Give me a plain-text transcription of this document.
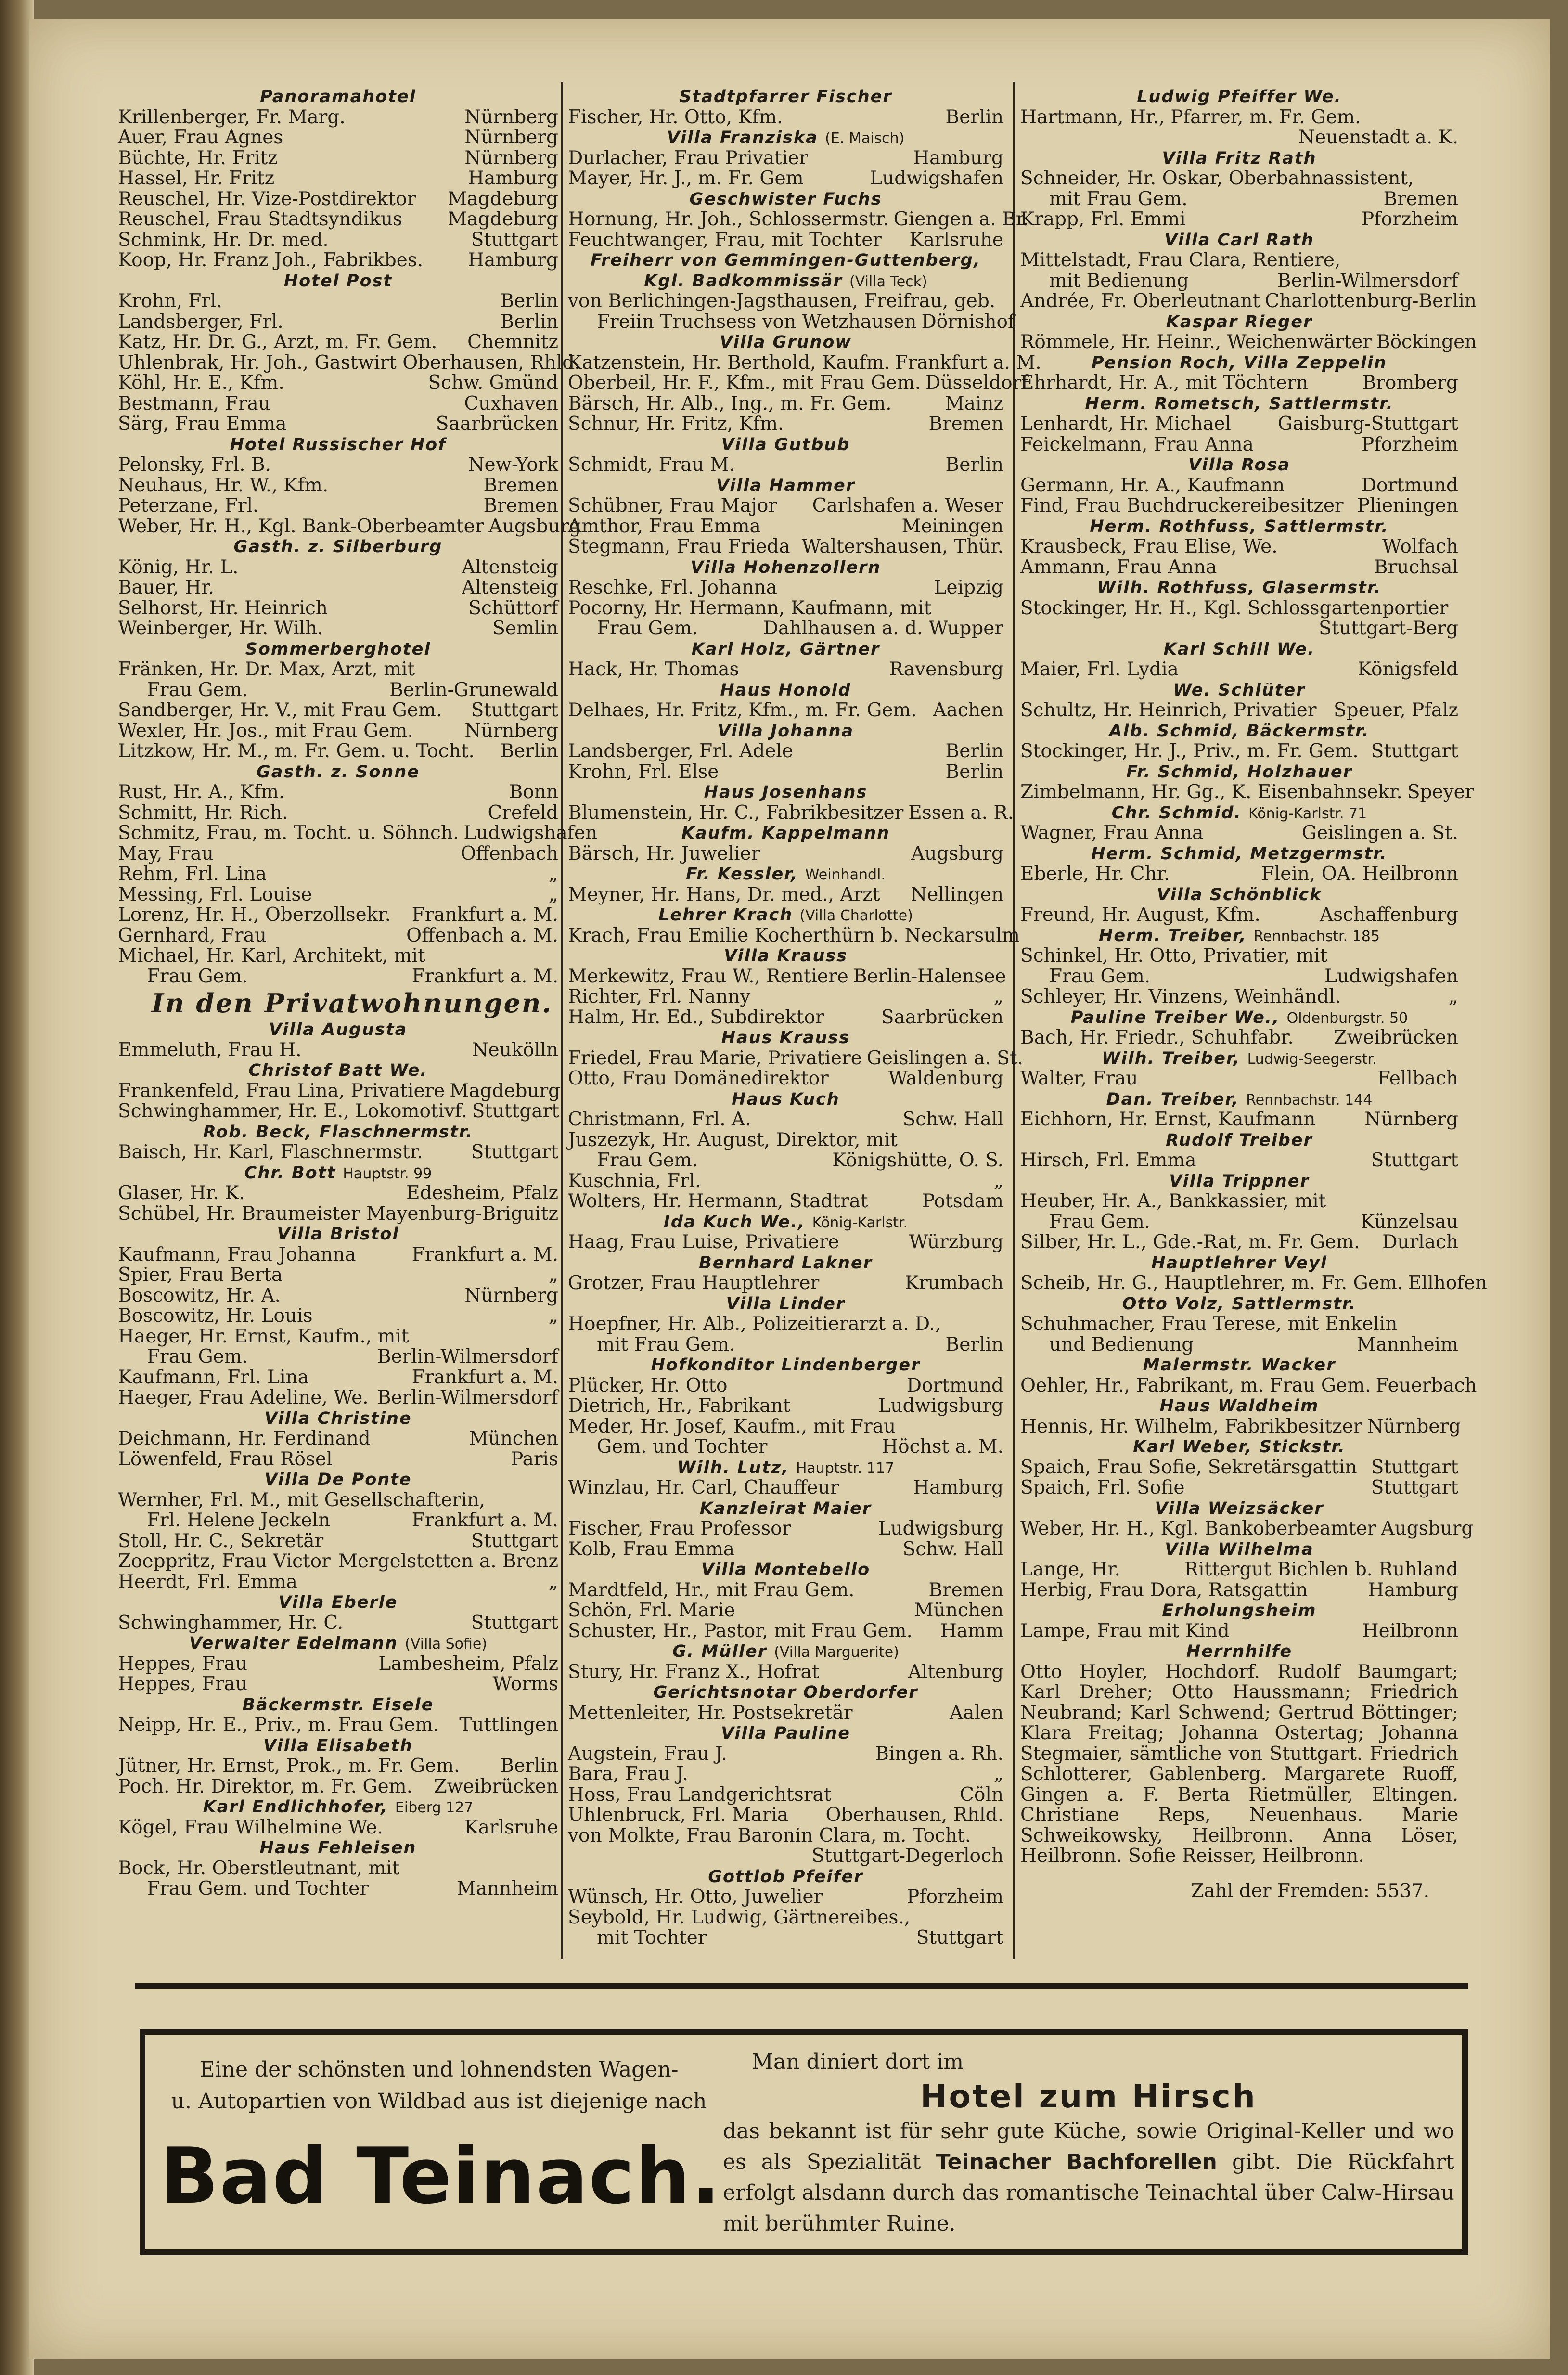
Panoramahotel
Krillenberger, Fr. Marg.	Nürnberg
Auer, Frau Agnes	Nürnberg
Büchte, Hr. Fritz	Nürnberg
Hassel, Hr. Fritz	Hamburg
Reuschel, Hr. Vize-Postdirektor Magdeburg
Reuschel, Frau Stadtsyndikus Magdeburg
Schmink, Hr. Dr. med.	Stuttgart
Koop, Hr. Franz Joh., Fabrikbes. Hamburg
Hotel Post
Krohn, Frl.	Berlin
Landsberger, Frl.	Berlin
Katz, Hr. Dr. G., Arzt, m. Fr. Gem. Chemnitz
Uhlenbrak, Hr. Joh., Gastwirt Oberhausen, Rhld.
Köhl, Hr. E., Kfm.	Schw. Gmünd
Bestmann, Frau	Cuxhaven
Särg, Frau Emma	Saarbrücken
Hotel Russischer Hof
Pelonsky, Frl. B.	New-York
Neuhaus, Hr. W., Kfm.	Bremen
Peterzane, Frl.	Bremen
Weber, Hr. H., Kgl. Bank-Oberbeamter Augsburg
Gasth. z. Silberburg
König, Hr. L.	Altensteig
Bauer, Hr.	Altensteig
Selhorst, Hr. Heinrich	Schüttorf
Weinberger, Hr. Wilh.	Semlin
Sommerberghotel
Fränken, Hr. Dr. Max, Arzt, mit
Frau Gem.	Berlin-Grunewald
Sandberger, Hr. V., mit Frau Gem. Stuttgart
Wexler, Hr. Jos., mit Frau Gem.	Nürnberg
Litzkow, Hr. M., m. Fr. Gem. u. Tocht. Berlin
Gasth. z. Sonne
Rust, Hr. A., Kfm.	Bonn
Schmitt, Hr. Rich.	Crefeld
Schmitz, Frau, m. Tocht. u. Söhnch. Ludwigshafen
May, Frau	Offenbach
Rehm, Frl. Lina	„
Messing, Frl. Louise	„
Lorenz, Hr. H., Oberzollsekr. Frankfurt a. M.
Gernhard, Frau	Offenbach a. M.
Michael, Hr. Karl, Architekt, mit
Frau Gem.	Frankfurt a. M.
In den Privatwohnungen.
Villa Augusta
Emmeluth, Frau H.	Neukölln
Christof Batt We.
Frankenfeld, Frau Lina, Privatiere Magdeburg
Schwinghammer, Hr. E., Lokomotivf. Stuttgart
Rob. Beck, Flaschnermstr.
Baisch, Hr. Karl, Flaschnermstr.	Stuttgart
Chr. Bott Hauptstr. 99
Glaser, Hr. K.	Edesheim, Pfalz
Schübel, Hr. Braumeister Mayenburg-Briguitz
Villa Bristol
Kaufmann, Frau Johanna	Frankfurt a. M.
Spier, Frau Berta	„
Boscowitz, Hr. A.	Nürnberg
Boscowitz, Hr. Louis	„
Haeger, Hr. Ernst, Kaufm., mit
Frau Gem.	Berlin-Wilmersdorf
Kaufmann, Frl. Lina	Frankfurt a. M.
Haeger, Frau Adeline, We. Berlin-Wilmersdorf
Villa Christine
Deichmann, Hr. Ferdinand	München
Löwenfeld, Frau Rösel	Paris
Villa De Ponte
Wernher, Frl. M., mit Gesellschafterin,
Frl. Helene Jeckeln	Frankfurt a. M.
Stoll, Hr. C., Sekretär	Stuttgart
Zoeppritz, Frau Victor Mergelstetten a. Brenz
Heerdt, Frl. Emma	„
Villa Eberle
Schwinghammer, Hr. C.	Stuttgart
Verwalter Edelmann (Villa Sofie)
Heppes, Frau	Lambesheim, Pfalz
Heppes, Frau	Worms
Bäckermstr. Eisele
Neipp, Hr. E., Priv., m. Frau Gem. Tuttlingen
Villa Elisabeth
Jütner, Hr. Ernst, Prok., m. Fr. Gem. Berlin
Poch. Hr. Direktor, m. Fr. Gem. Zweibrücken
Karl Endlichhofer, Eiberg 127
Kögel, Frau Wilhelmine We.	Karlsruhe
Haus Fehleisen
Bock, Hr. Oberstleutnant, mit
Frau Gem. und Tochter	Mannheim
Stadtpfarrer Fischer
Fischer, Hr. Otto, Kfm.	Berlin
Villa Franziska (E. Maisch)
Durlacher, Frau Privatier	Hamburg
Mayer, Hr. J., m. Fr. Gem	Ludwigshafen
Geschwister Fuchs
Hornung, Hr. Joh., Schlossermstr. Giengen a. Br.
Feuchtwanger, Frau, mit Tochter Karlsruhe
Freiherr von Gemmingen-Guttenberg,
Kgl. Badkommissär (Villa Teck)
von Berlichingen-Jagsthausen, Freifrau, geb.
Freiin Truchsess von Wetzhausen Dörnishof
Villa Grunow
Katzenstein, Hr. Berthold, Kaufm. Frankfurt a. M.
Oberbeil, Hr. F., Kfm., mit Frau Gem. Düsseldorf
Bärsch, Hr. Alb., Ing., m. Fr. Gem.	Mainz
Schnur, Hr. Fritz, Kfm.	Bremen
Villa Gutbub
Schmidt, Frau M.	Berlin
Villa Hammer
Schübner, Frau Major Carlshafen a. Weser
Amthor, Frau Emma	Meiningen
Stegmann, Frau Frieda Waltershausen, Thür.
Villa Hohenzollern
Reschke, Frl. Johanna	Leipzig
Pocorny, Hr. Hermann, Kaufmann, mit
Frau Gem.	Dahlhausen a. d. Wupper
Karl Holz, Gärtner
Hack, Hr. Thomas	Ravensburg
Haus Honold
Delhaes, Hr. Fritz, Kfm., m. Fr. Gem. Aachen
Villa Johanna
Landsberger, Frl. Adele	Berlin
Krohn, Frl. Else	Berlin
Haus Josenhans
Blumenstein, Hr. C., Fabrikbesitzer Essen a. R.
Kaufm. Kappelmann
Bärsch, Hr. Juwelier	Augsburg
Fr. Kessler, Weinhandl.
Meyner, Hr. Hans, Dr. med., Arzt Nellingen
Lehrer Krach (Villa Charlotte)
Krach, Frau Emilie Kocherthürn b. Neckarsulm
Villa Krauss
Merkewitz, Frau W., Rentiere Berlin-Halensee
Richter, Frl. Nanny	„
Halm, Hr. Ed., Subdirektor	Saarbrücken
Haus Krauss
Friedel, Frau Marie, Privatiere Geislingen a. St.
Otto, Frau Domänedirektor	Waldenburg
Haus Kuch
Christmann, Frl. A.	Schw. Hall
Juszezyk, Hr. August, Direktor, mit
Frau Gem.	Königshütte, O. S.
Kuschnia, Frl.	„
Wolters, Hr. Hermann, Stadtrat	Potsdam
Ida Kuch We., König-Karlstr.
Haag, Frau Luise, Privatiere	Würzburg
Bernhard Lakner
Grotzer, Frau Hauptlehrer	Krumbach
Villa Linder
Hoepfner, Hr. Alb., Polizeitierarzt a. D.,
mit Frau Gem.	Berlin
Hofkonditor Lindenberger
Plücker, Hr. Otto	Dortmund
Dietrich, Hr., Fabrikant	Ludwigsburg
Meder, Hr. Josef, Kaufm., mit Frau
Gem. und Tochter	Höchst a. M.
Wilh. Lutz, Hauptstr. 117
Winzlau, Hr. Carl, Chauffeur	Hamburg
Kanzleirat Maier
Fischer, Frau Professor	Ludwigsburg
Kolb, Frau Emma	Schw. Hall
Villa Montebello
Mardtfeld, Hr., mit Frau Gem.	Bremen
Schön, Frl. Marie	München
Schuster, Hr., Pastor, mit Frau Gem. Hamm
G. Müller (Villa Marguerite)
Stury, Hr. Franz X., Hofrat	Altenburg
Gerichtsnotar Oberdorfer
Mettenleiter, Hr. Postsekretär	Aalen
Villa Pauline
Augstein, Frau J.	Bingen a. Rh.
Bara, Frau J.	„
Hoss, Frau Landgerichtsrat	Cöln
Uhlenbruck, Frl. Maria Oberhausen, Rhld.
von Molkte, Frau Baronin Clara, m. Tocht.
Stuttgart-Degerloch
Gottlob Pfeifer
Wünsch, Hr. Otto, Juwelier	Pforzheim
Seybold, Hr. Ludwig, Gärtnereibes.,
mit Tochter	Stuttgart
Ludwig Pfeiffer We.
Hartmann, Hr., Pfarrer, m. Fr. Gem.
Neuenstadt a. K.
Villa Fritz Rath
Schneider, Hr. Oskar, Oberbahnassistent,
mit Frau Gem.	Bremen
Krapp, Frl. Emmi	Pforzheim
Villa Carl Rath
Mittelstadt, Frau Clara, Rentiere,
mit Bedienung	Berlin-Wilmersdorf
Andrée, Fr. Oberleutnant Charlottenburg-Berlin
Kaspar Rieger
Römmele, Hr. Heinr., Weichenwärter Böckingen
Pension Roch, Villa Zeppelin
Ehrhardt, Hr. A., mit Töchtern	Bromberg
Herm. Rometsch, Sattlermstr.
Lenhardt, Hr. Michael Gaisburg-Stuttgart
Feickelmann, Frau Anna	Pforzheim
Villa Rosa
Germann, Hr. A., Kaufmann	Dortmund
Find, Frau Buchdruckereibesitzer Plieningen
Herm. Rothfuss, Sattlermstr.
Krausbeck, Frau Elise, We.	Wolfach
Ammann, Frau Anna	Bruchsal
Wilh. Rothfuss, Glasermstr.
Stockinger, Hr. H., Kgl. Schlossgartenportier
Stuttgart-Berg
Karl Schill We.
Maier, Frl. Lydia	Königsfeld
We. Schlüter
Schultz, Hr. Heinrich, Privatier Speuer, Pfalz
Alb. Schmid, Bäckermstr.
Stockinger, Hr. J., Priv., m. Fr. Gem. Stuttgart
Fr. Schmid, Holzhauer
Zimbelmann, Hr. Gg., K. Eisenbahnsekr. Speyer
Chr. Schmid. König-Karlstr. 71
Wagner, Frau Anna	Geislingen a. St.
Herm. Schmid, Metzgermstr.
Eberle, Hr. Chr.	Flein, OA. Heilbronn
Villa Schönblick
Freund, Hr. August, Kfm.	Aschaffenburg
Herm. Treiber, Rennbachstr. 185
Schinkel, Hr. Otto, Privatier, mit
Frau Gem.	Ludwigshafen
Schleyer, Hr. Vinzens, Weinhändl.	„
Pauline Treiber We., Oldenburgstr. 50
Bach, Hr. Friedr., Schuhfabr. Zweibrücken
Wilh. Treiber, Ludwig-Seegerstr.
Walter, Frau	Fellbach
Dan. Treiber, Rennbachstr. 144
Eichhorn, Hr. Ernst, Kaufmann	Nürnberg
Rudolf Treiber
Hirsch, Frl. Emma	Stuttgart
Villa Trippner
Heuber, Hr. A., Bankkassier, mit
Frau Gem.	Künzelsau
Silber, Hr. L., Gde.-Rat, m. Fr. Gem. Durlach
Hauptlehrer Veyl
Scheib, Hr. G., Hauptlehrer, m. Fr. Gem. Ellhofen
Otto Volz, Sattlermstr.
Schuhmacher, Frau Terese, mit Enkelin
und Bedienung	Mannheim
Malermstr. Wacker
Oehler, Hr., Fabrikant, m. Frau Gem. Feuerbach
Haus Waldheim
Hennis, Hr. Wilhelm, Fabrikbesitzer Nürnberg
Karl Weber, Stickstr.
Spaich, Frau Sofie, Sekretärsgattin Stuttgart
Spaich, Frl. Sofie	Stuttgart
Villa Weizsäcker
Weber, Hr. H., Kgl. Bankoberbeamter Augsburg
Villa Wilhelma
Lange, Hr.	Rittergut Bichlen b. Ruhland
Herbig, Frau Dora, Ratsgattin	Hamburg
Erholungsheim
Lampe, Frau mit Kind	Heilbronn
Herrnhilfe
Otto Hoyler, Hochdorf. Rudolf Baumgart; Karl Dreher; Otto Haussmann; Friedrich Neubrand; Karl Schwend; Gertrud Böttinger; Klara Freitag; Johanna Ostertag; Johanna Stegmaier, sämtliche von Stuttgart. Friedrich Schlotterer, Gablenberg. Margarete Ruoff, Gingen a. F. Berta Rietmüller, Eltingen. Christiane Reps, Neuenhaus. Marie Schweikowsky, Heilbronn. Anna Löser, Heilbronn. Sofie Reisser, Heilbronn.
Zahl der Fremden: 5537.
Eine der schönsten und lohnendsten Wagen-
u. Autopartien von Wildbad aus ist diejenige nach
Bad Teinach.
Man diniert dort im
Hotel zum Hirsch
das bekannt ist für sehr gute Küche, sowie Original-Keller und wo es als Spezialität Teinacher Bachforellen gibt. Die Rückfahrt erfolgt alsdann durch das romantische Teinachtal über Calw-Hirsau mit berühmter Ruine.
